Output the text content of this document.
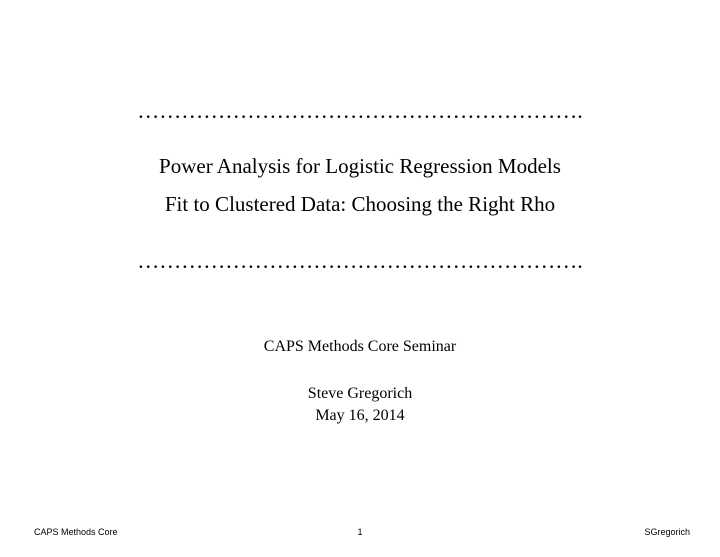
…………………………………………………….
Power Analysis for Logistic Regression Models
Fit to Clustered Data: Choosing the Right Rho
…………………………………………………….
CAPS Methods Core Seminar
Steve Gregorich
May 16, 2014
CAPS Methods Core	1	SGregorich
